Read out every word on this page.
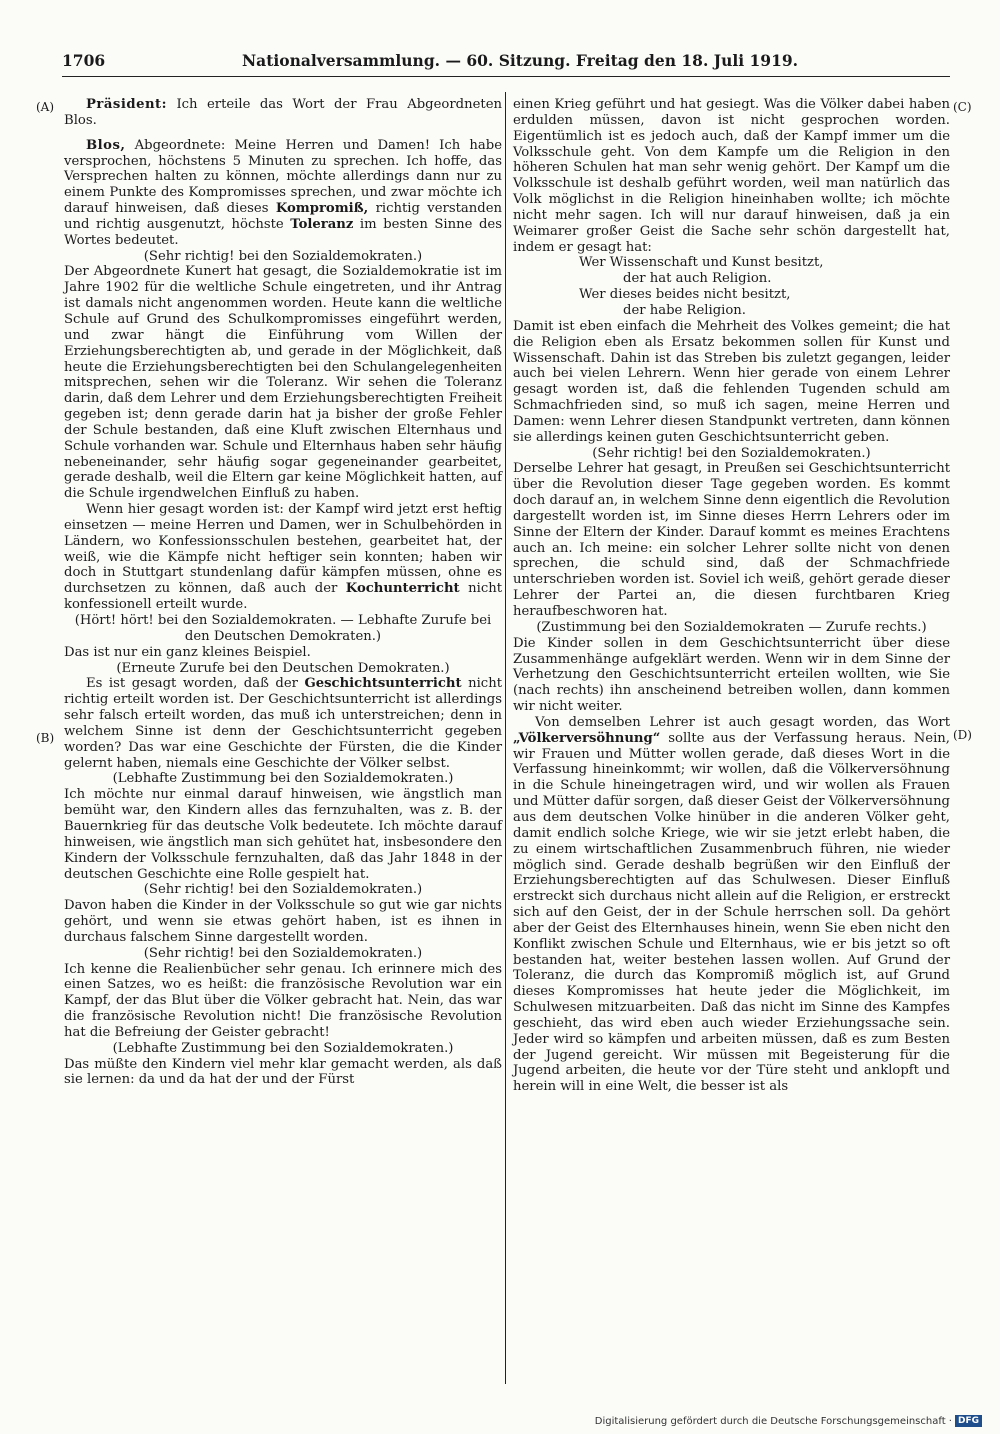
1706	Nationalversammlung. — 60. Sitzung. Freitag den 18. Juli 1919.
(A)
(B)
(C)
(D)

Präsident: Ich erteile das Wort der Frau Abgeordneten Blos.

Blos, Abgeordnete: Meine Herren und Damen! Ich habe versprochen, höchstens 5 Minuten zu sprechen. Ich hoffe, das Versprechen halten zu können, möchte allerdings dann nur zu einem Punkte des Kompromisses sprechen, und zwar möchte ich darauf hinweisen, daß dieses Kompromiß, richtig verstanden und richtig ausgenutzt, höchste Toleranz im besten Sinne des Wortes bedeutet.

(Sehr richtig! bei den Sozialdemokraten.)

Der Abgeordnete Kunert hat gesagt, die Sozialdemokratie ist im Jahre 1902 für die weltliche Schule eingetreten, und ihr Antrag ist damals nicht angenommen worden. Heute kann die weltliche Schule auf Grund des Schulkompromisses eingeführt werden, und zwar hängt die Einführung vom Willen der Erziehungsberechtigten ab, und gerade in der Möglichkeit, daß heute die Erziehungsberechtigten bei den Schulangelegenheiten mitsprechen, sehen wir die Toleranz. Wir sehen die Toleranz darin, daß dem Lehrer und dem Erziehungsberechtigten Freiheit gegeben ist; denn gerade darin hat ja bisher der große Fehler der Schule bestanden, daß eine Kluft zwischen Elternhaus und Schule vorhanden war. Schule und Elternhaus haben sehr häufig nebeneinander, sehr häufig sogar gegeneinander gearbeitet, gerade deshalb, weil die Eltern gar keine Möglichkeit hatten, auf die Schule irgendwelchen Einfluß zu haben.

Wenn hier gesagt worden ist: der Kampf wird jetzt erst heftig einsetzen — meine Herren und Damen, wer in Schulbehörden in Ländern, wo Konfessionsschulen bestehen, gearbeitet hat, der weiß, wie die Kämpfe nicht heftiger sein konnten; haben wir doch in Stuttgart stundenlang dafür kämpfen müssen, ohne es durchsetzen zu können, daß auch der Kochunterricht nicht konfessionell erteilt wurde.

(Hört! hört! bei den Sozialdemokraten. — Lebhafte Zurufe bei den Deutschen Demokraten.)

Das ist nur ein ganz kleines Beispiel.

(Erneute Zurufe bei den Deutschen Demokraten.)

Es ist gesagt worden, daß der Geschichtsunterricht nicht richtig erteilt worden ist. Der Geschichtsunterricht ist allerdings sehr falsch erteilt worden, das muß ich unterstreichen; denn in welchem Sinne ist denn der Geschichtsunterricht gegeben worden? Das war eine Geschichte der Fürsten, die die Kinder gelernt haben, niemals eine Geschichte der Völker selbst.

(Lebhafte Zustimmung bei den Sozialdemokraten.)

Ich möchte nur einmal darauf hinweisen, wie ängstlich man bemüht war, den Kindern alles das fernzuhalten, was z. B. der Bauernkrieg für das deutsche Volk bedeutete. Ich möchte darauf hinweisen, wie ängstlich man sich gehütet hat, insbesondere den Kindern der Volksschule fernzuhalten, daß das Jahr 1848 in der deutschen Geschichte eine Rolle gespielt hat.

(Sehr richtig! bei den Sozialdemokraten.)

Davon haben die Kinder in der Volksschule so gut wie gar nichts gehört, und wenn sie etwas gehört haben, ist es ihnen in durchaus falschem Sinne dargestellt worden.

(Sehr richtig! bei den Sozialdemokraten.)

Ich kenne die Realienbücher sehr genau. Ich erinnere mich des einen Satzes, wo es heißt: die französische Revolution war ein Kampf, der das Blut über die Völker gebracht hat. Nein, das war die französische Revolution nicht! Die französische Revolution hat die Befreiung der Geister gebracht!

(Lebhafte Zustimmung bei den Sozialdemokraten.)

Das müßte den Kindern viel mehr klar gemacht werden, als daß sie lernen: da und da hat der und der Fürst

einen Krieg geführt und hat gesiegt. Was die Völker dabei haben erdulden müssen, davon ist nicht gesprochen worden. Eigentümlich ist es jedoch auch, daß der Kampf immer um die Volksschule geht. Von dem Kampfe um die Religion in den höheren Schulen hat man sehr wenig gehört. Der Kampf um die Volksschule ist deshalb geführt worden, weil man natürlich das Volk möglichst in die Religion hineinhaben wollte; ich möchte nicht mehr sagen. Ich will nur darauf hinweisen, daß ja ein Weimarer großer Geist die Sache sehr schön dargestellt hat, indem er gesagt hat:

Wer Wissenschaft und Kunst besitzt,
der hat auch Religion.
Wer dieses beides nicht besitzt,
der habe Religion.

Damit ist eben einfach die Mehrheit des Volkes gemeint; die hat die Religion eben als Ersatz bekommen sollen für Kunst und Wissenschaft. Dahin ist das Streben bis zuletzt gegangen, leider auch bei vielen Lehrern. Wenn hier gerade von einem Lehrer gesagt worden ist, daß die fehlenden Tugenden schuld am Schmachfrieden sind, so muß ich sagen, meine Herren und Damen: wenn Lehrer diesen Standpunkt vertreten, dann können sie allerdings keinen guten Geschichtsunterricht geben.

(Sehr richtig! bei den Sozialdemokraten.)

Derselbe Lehrer hat gesagt, in Preußen sei Geschichtsunterricht über die Revolution dieser Tage gegeben worden. Es kommt doch darauf an, in welchem Sinne denn eigentlich die Revolution dargestellt worden ist, im Sinne dieses Herrn Lehrers oder im Sinne der Eltern der Kinder. Darauf kommt es meines Erachtens auch an. Ich meine: ein solcher Lehrer sollte nicht von denen sprechen, die schuld sind, daß der Schmachfriede unterschrieben worden ist. Soviel ich weiß, gehört gerade dieser Lehrer der Partei an, die diesen furchtbaren Krieg heraufbeschworen hat.

(Zustimmung bei den Sozialdemokraten — Zurufe rechts.)

Die Kinder sollen in dem Geschichtsunterricht über diese Zusammenhänge aufgeklärt werden. Wenn wir in dem Sinne der Verhetzung den Geschichtsunterricht erteilen wollten, wie Sie (nach rechts) ihn anscheinend betreiben wollen, dann kommen wir nicht weiter.

Von demselben Lehrer ist auch gesagt worden, das Wort „Völkerversöhnung“ sollte aus der Verfassung heraus. Nein, wir Frauen und Mütter wollen gerade, daß dieses Wort in die Verfassung hineinkommt; wir wollen, daß die Völkerversöhnung in die Schule hineingetragen wird, und wir wollen als Frauen und Mütter dafür sorgen, daß dieser Geist der Völkerversöhnung aus dem deutschen Volke hinüber in die anderen Völker geht, damit endlich solche Kriege, wie wir sie jetzt erlebt haben, die zu einem wirtschaftlichen Zusammenbruch führen, nie wieder möglich sind. Gerade deshalb begrüßen wir den Einfluß der Erziehungsberechtigten auf das Schulwesen. Dieser Einfluß erstreckt sich durchaus nicht allein auf die Religion, er erstreckt sich auf den Geist, der in der Schule herrschen soll. Da gehört aber der Geist des Elternhauses hinein, wenn Sie eben nicht den Konflikt zwischen Schule und Elternhaus, wie er bis jetzt so oft bestanden hat, weiter bestehen lassen wollen. Auf Grund der Toleranz, die durch das Kompromiß möglich ist, auf Grund dieses Kompromisses hat heute jeder die Möglichkeit, im Schulwesen mitzuarbeiten. Daß das nicht im Sinne des Kampfes geschieht, das wird eben auch wieder Erziehungssache sein. Jeder wird so kämpfen und arbeiten müssen, daß es zum Besten der Jugend gereicht. Wir müssen mit Begeisterung für die Jugend arbeiten, die heute vor der Türe steht und anklopft und herein will in eine Welt, die besser ist als

Digitalisierung gefördert durch die Deutsche Forschungsgemeinschaft · DFG
